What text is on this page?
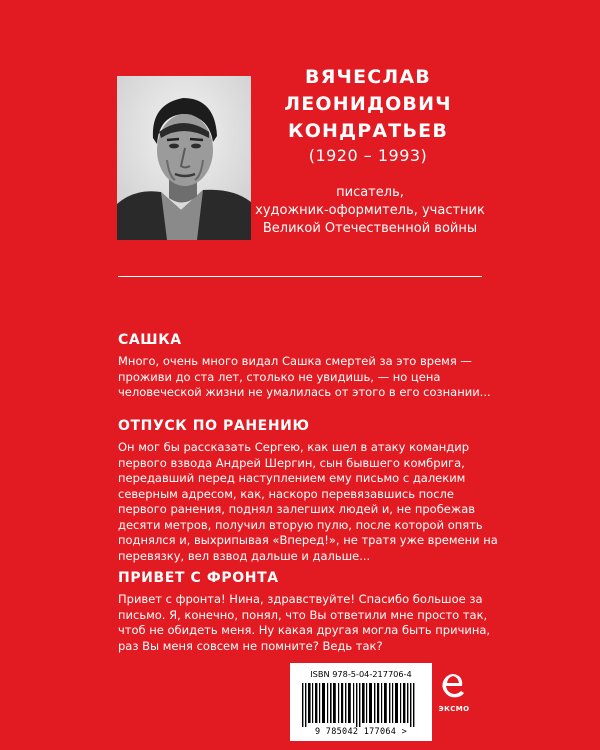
ВЯЧЕСЛАВ
ЛЕОНИДОВИЧ
КОНДРАТЬЕВ
(1920 – 1993)
писатель,
художник-оформитель, участник
Великой Отечественной войны
САШКА

Много, очень много видал Сашка смертей за это время — проживи до ста лет, столько не увидишь, — но цена человеческой жизни не умалилась от этого в его сознании...

ОТПУСК ПО РАНЕНИЮ

Он мог бы рассказать Сергею, как шел в атаку командир первого взвода Андрей Шергин, сын бывшего комбрига, передавший перед наступлением ему письмо с далеким северным адресом, как, наскоро перевязавшись после первого ранения, поднял залегших людей и, не пробежав десяти метров, получил вторую пулю, после которой опять поднялся и, выхрипывая «Вперед!», не тратя уже времени на перевязку, вел взвод дальше и дальше...

ПРИВЕТ С ФРОНТА

Привет с фронта! Нина, здравствуйте! Спасибо большое за письмо. Я, конечно, понял, что Вы ответили мне просто так, чтоб не обидеть меня. Ну какая другая могла быть причина, раз Вы меня совсем не помните? Ведь так?

ISBN 978-5-04-217706-4
9 785042 177064 >
ЭКСМО
